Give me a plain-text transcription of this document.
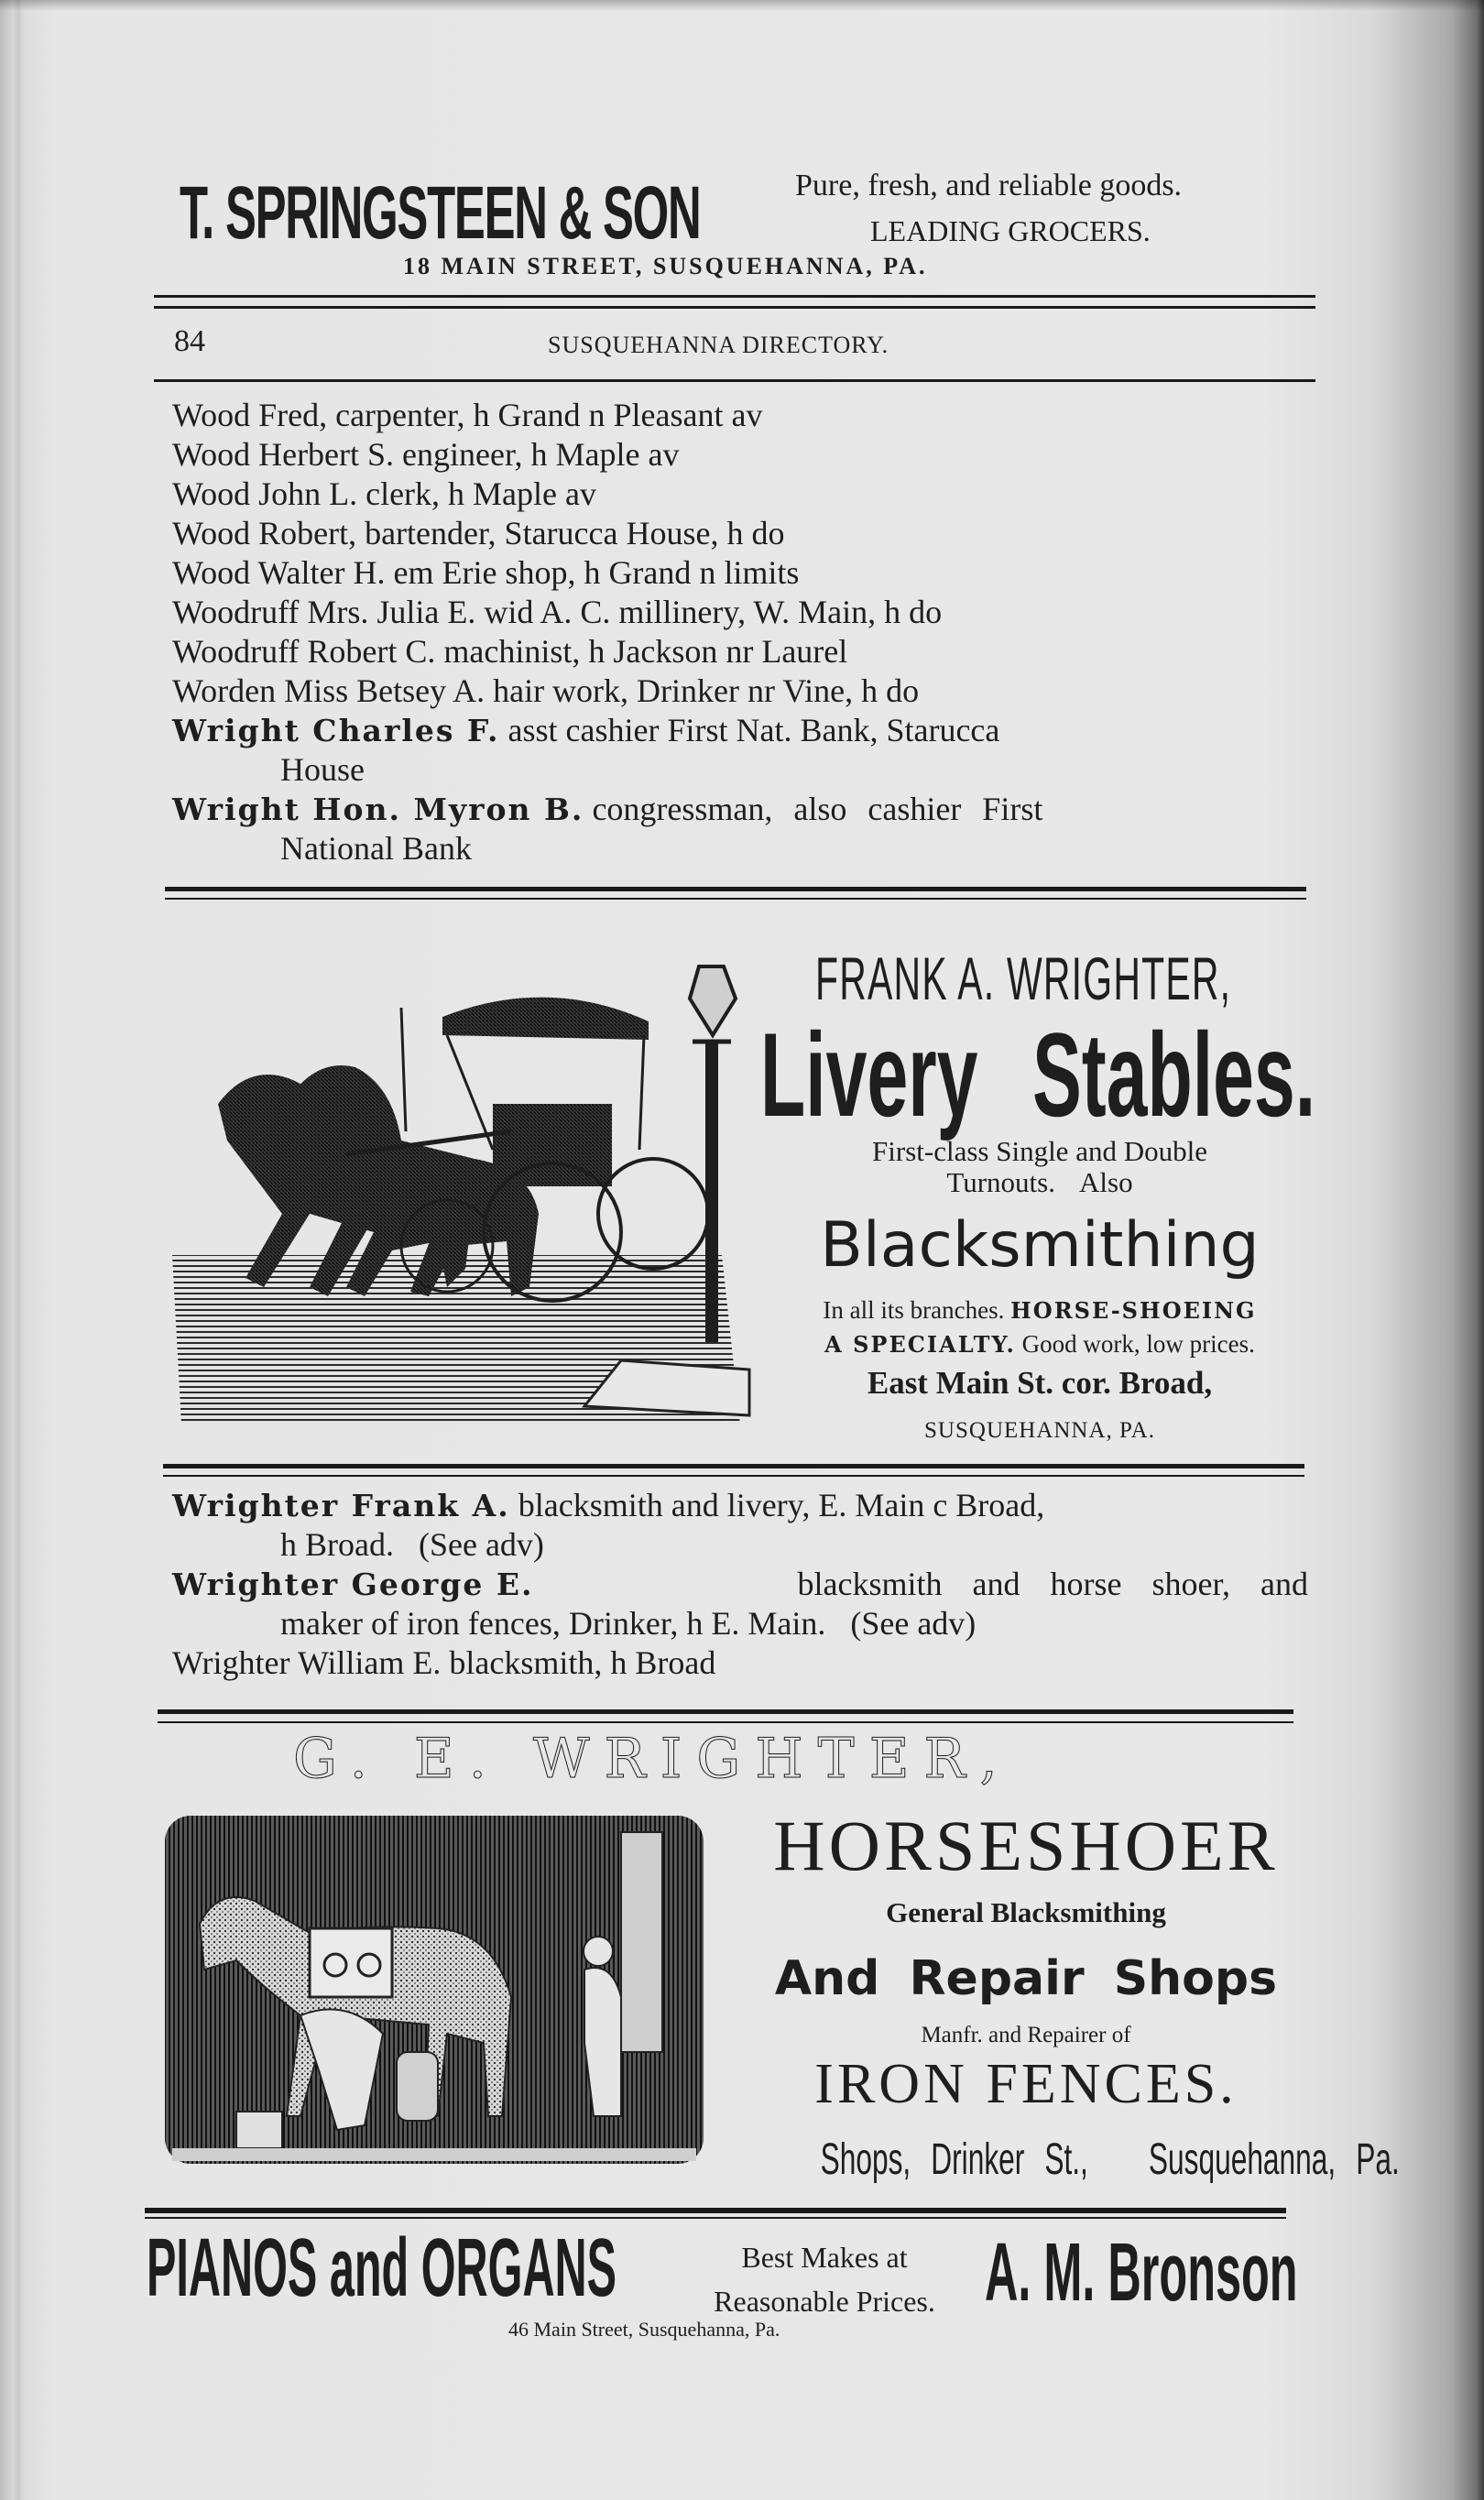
T. SPRINGSTEEN & SON	Pure, fresh, and reliable goods.
LEADING GROCERS.
18 MAIN STREET, SUSQUEHANNA, PA.
84	SUSQUEHANNA DIRECTORY.
Wood Fred, carpenter, h Grand n Pleasant av
Wood Herbert S. engineer, h Maple av
Wood John L. clerk, h Maple av
Wood Robert, bartender, Starucca House, h do
Wood Walter H. em Erie shop, h Grand n limits
Woodruff Mrs. Julia E. wid A. C. millinery, W. Main, h do
Woodruff Robert C. machinist, h Jackson nr Laurel
Worden Miss Betsey A. hair work, Drinker nr Vine, h do
Wright Charles F. asst cashier First Nat. Bank, Starucca
House
Wright Hon. Myron B. congressman, also cashier First
National Bank
FRANK A. WRIGHTER,
Livery Stables.
First-class Single and Double
Turnouts. Also
Blacksmithing
In all its branches. HORSE-SHOEING
A SPECIALTY. Good work, low prices.
East Main St. cor. Broad,
SUSQUEHANNA, PA.
Wrighter Frank A. blacksmith and livery, E. Main c Broad,
h Broad.   (See adv)
Wrighter George E.	blacksmith and horse shoer, and
maker of iron fences, Drinker, h E. Main.   (See adv)
Wrighter William E. blacksmith, h Broad
G. E. WRIGHTER,
HORSESHOER
General Blacksmithing
And Repair Shops
Manfr. and Repairer of
IRON FENCES.
Shops, Drinker St.,   Susquehanna, Pa.
PIANOS and ORGANS	Best Makes at
Reasonable Prices. A. M. Bronson
46 Main Street, Susquehanna, Pa.
